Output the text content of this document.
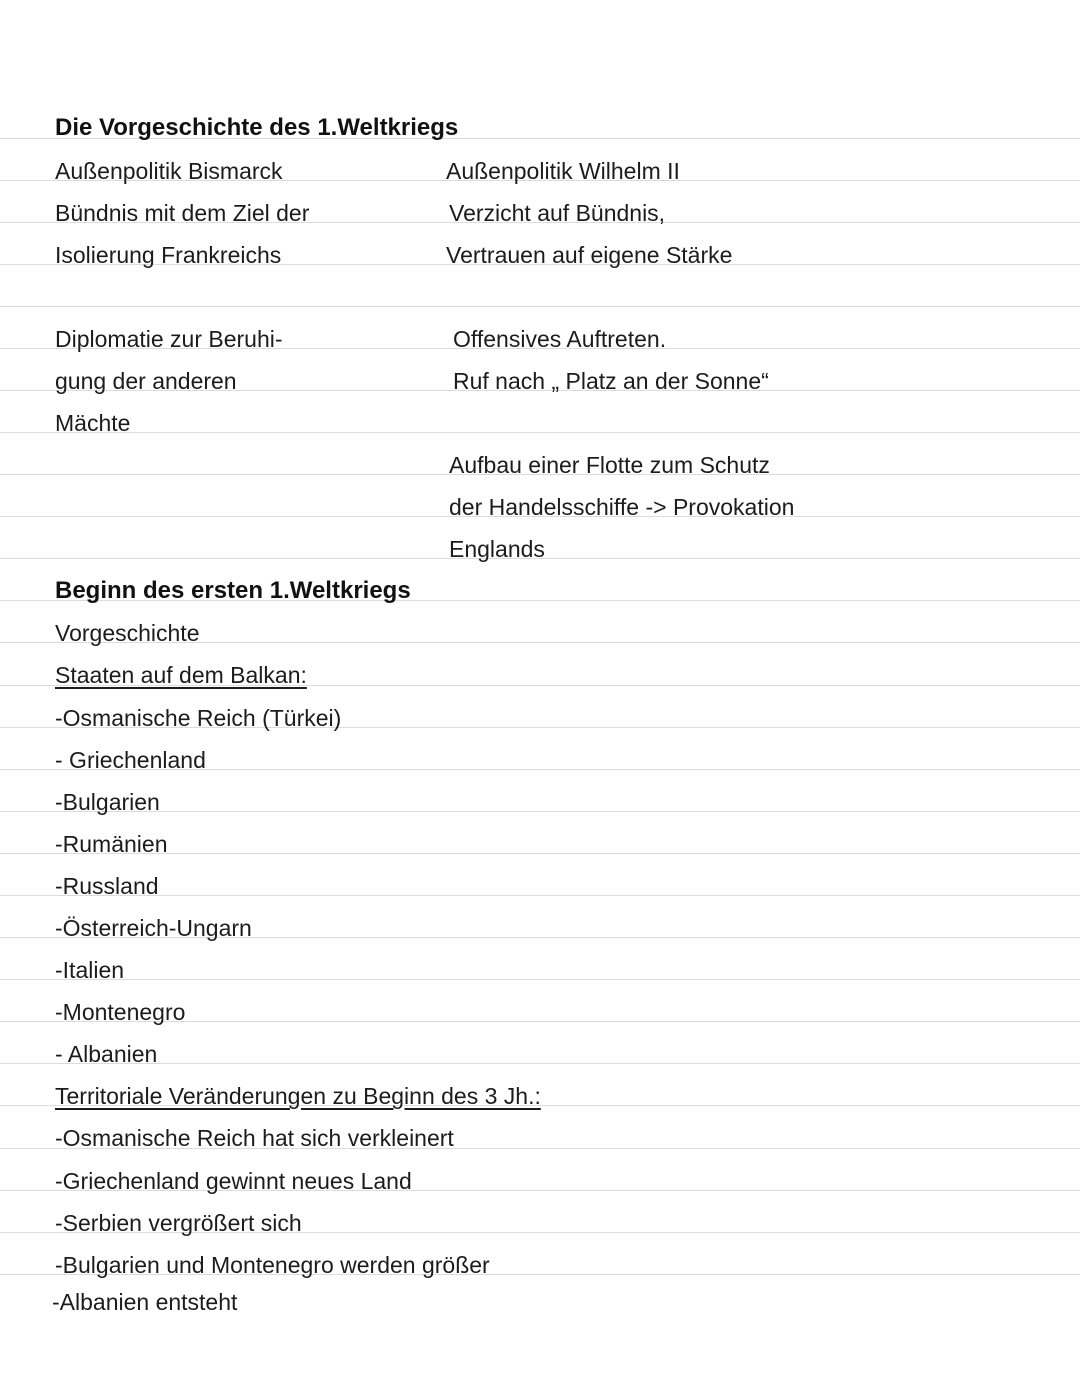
Die Vorgeschichte des 1.Weltkriegs
Außenpolitik Bismarck
Bündnis mit dem Ziel der
Isolierung Frankreichs
Diplomatie zur Beruhi-
gung der anderen
Mächte
Außenpolitik Wilhelm II
Verzicht auf Bündnis,
Vertrauen auf eigene Stärke
Offensives Auftreten.
Ruf nach „ Platz an der Sonne“
Aufbau einer Flotte zum Schutz
der Handelsschiffe -> Provokation
Englands
Beginn des ersten 1.Weltkriegs
Vorgeschichte
Staaten auf dem Balkan:
-Osmanische Reich (Türkei)
- Griechenland
-Bulgarien
-Rumänien
-Russland
-Österreich-Ungarn
-Italien
-Montenegro
- Albanien
Territoriale Veränderungen zu Beginn des 3 Jh.:
-Osmanische Reich hat sich verkleinert
-Griechenland gewinnt neues Land
-Serbien vergrößert sich
-Bulgarien und Montenegro werden größer
-Albanien entsteht
